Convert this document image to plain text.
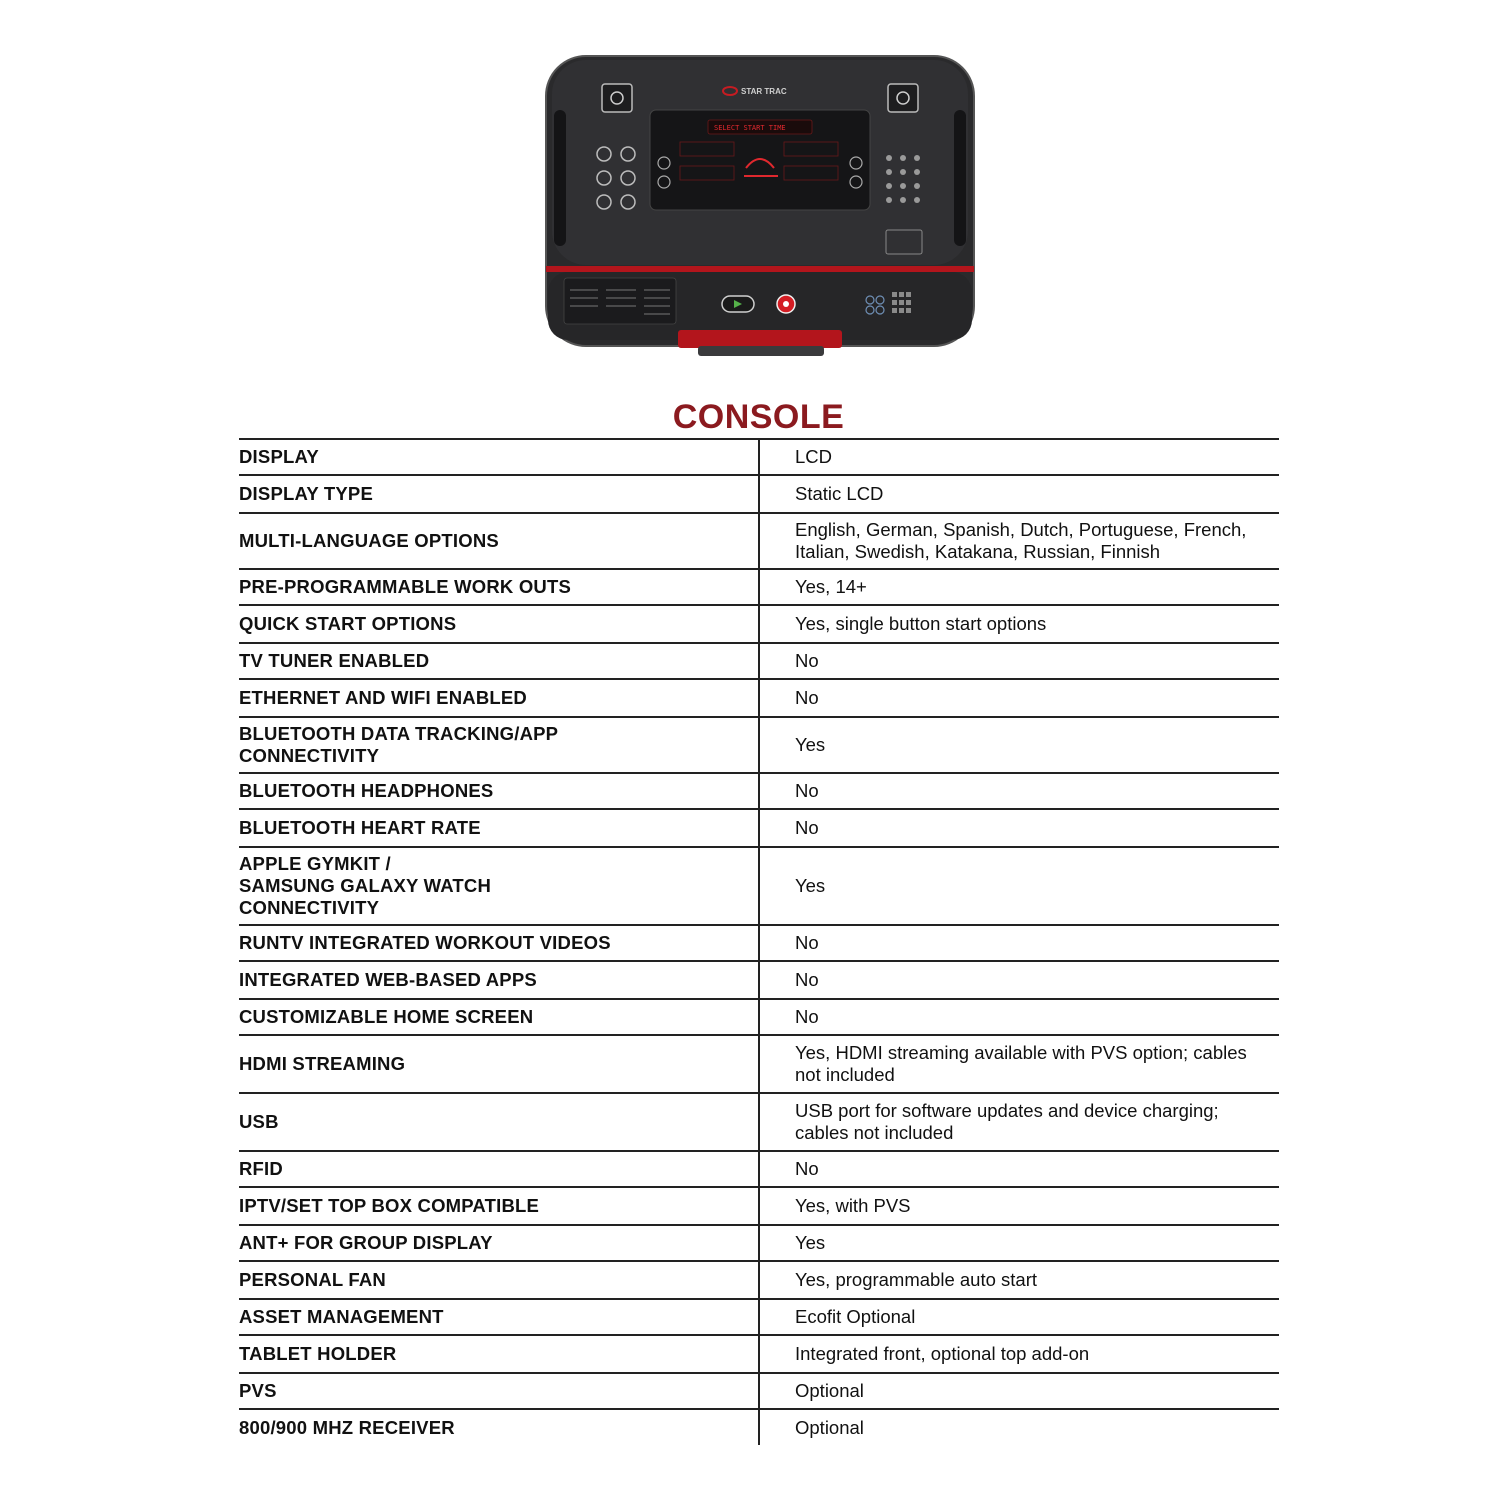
STAR TRAC
SELECT START TIME
CONSOLE
DISPLAY	LCD
DISPLAY TYPE	Static LCD
MULTI-LANGUAGE OPTIONS	English, German, Spanish, Dutch, Portuguese, French, Italian, Swedish, Katakana, Russian, Finnish
PRE-PROGRAMMABLE WORK OUTS	Yes, 14+
QUICK START OPTIONS	Yes, single button start options
TV TUNER ENABLED	No
ETHERNET AND WIFI ENABLED	No
BLUETOOTH DATA TRACKING/APP
CONNECTIVITY	Yes
BLUETOOTH HEADPHONES	No
BLUETOOTH HEART RATE	No
APPLE GYMKIT /
SAMSUNG GALAXY WATCH
CONNECTIVITY	Yes
RUNTV INTEGRATED WORKOUT VIDEOS	No
INTEGRATED WEB-BASED APPS	No
CUSTOMIZABLE HOME SCREEN	No
HDMI STREAMING	Yes, HDMI streaming available with PVS option; cables not included
USB	USB port for software updates and device charging; cables not included
RFID	No
IPTV/SET TOP BOX COMPATIBLE	Yes, with PVS
ANT+ FOR GROUP DISPLAY	Yes
PERSONAL FAN	Yes, programmable auto start
ASSET MANAGEMENT	Ecofit Optional
TABLET HOLDER	Integrated front, optional top add-on
PVS	Optional
800/900 MHZ RECEIVER	Optional
